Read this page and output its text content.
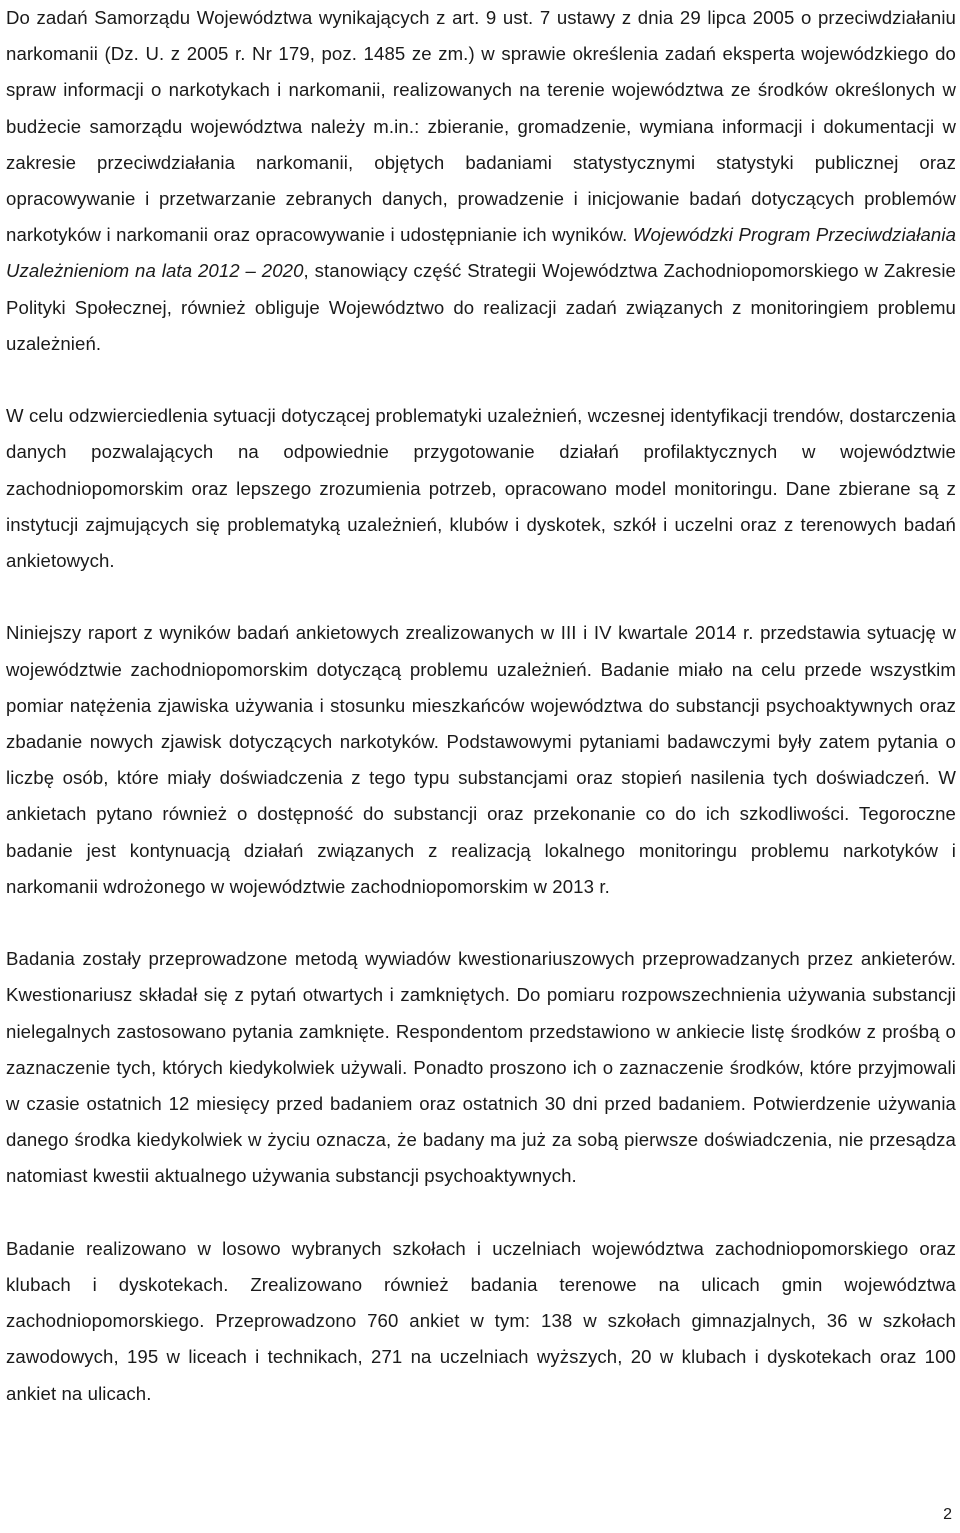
Do zadań Samorządu Województwa wynikających z art. 9 ust. 7 ustawy z dnia 29 lipca 2005 o przeciwdziałaniu narkomanii (Dz. U. z 2005 r. Nr 179, poz. 1485 ze zm.) w sprawie określenia zadań eksperta wojewódzkiego do spraw informacji o narkotykach i narkomanii, realizowanych na terenie województwa ze środków określonych w budżecie samorządu województwa należy m.in.: zbieranie, gromadzenie, wymiana informacji i dokumentacji w zakresie przeciwdziałania narkomanii, objętych badaniami statystycznymi statystyki publicznej oraz opracowywanie i przetwarzanie zebranych danych, prowadzenie i inicjowanie badań dotyczących problemów narkotyków i narkomanii oraz opracowywanie i udostępnianie ich wyników. Wojewódzki Program Przeciwdziałania Uzależnieniom na lata 2012 – 2020, stanowiący część Strategii Województwa Zachodniopomorskiego w Zakresie Polityki Społecznej, również obliguje Województwo do realizacji zadań związanych z monitoringiem problemu uzależnień.

W celu odzwierciedlenia sytuacji dotyczącej problematyki uzależnień, wczesnej identyfikacji trendów, dostarczenia danych pozwalających na odpowiednie przygotowanie działań profilaktycznych w województwie zachodniopomorskim oraz lepszego zrozumienia potrzeb, opracowano model monitoringu. Dane zbierane są z instytucji zajmujących się problematyką uzależnień, klubów i dyskotek, szkół i uczelni oraz z terenowych badań ankietowych.

Niniejszy raport z wyników badań ankietowych zrealizowanych w III i IV kwartale 2014 r. przedstawia sytuację w województwie zachodniopomorskim dotyczącą problemu uzależnień. Badanie miało na celu przede wszystkim pomiar natężenia zjawiska używania i stosunku mieszkańców województwa do substancji psychoaktywnych oraz zbadanie nowych zjawisk dotyczących narkotyków. Podstawowymi pytaniami badawczymi były zatem pytania o liczbę osób, które miały doświadczenia z tego typu substancjami oraz stopień nasilenia tych doświadczeń. W ankietach pytano również o dostępność do substancji oraz przekonanie co do ich szkodliwości. Tegoroczne badanie jest kontynuacją działań związanych z realizacją lokalnego monitoringu problemu narkotyków i narkomanii wdrożonego w województwie zachodniopomorskim w 2013 r.

Badania zostały przeprowadzone metodą wywiadów kwestionariuszowych przeprowadzanych przez ankieterów. Kwestionariusz składał się z pytań otwartych i zamkniętych. Do pomiaru rozpowszechnienia używania substancji nielegalnych zastosowano pytania zamknięte. Respondentom przedstawiono w ankiecie listę środków z prośbą o zaznaczenie tych, których kiedykolwiek używali. Ponadto proszono ich o zaznaczenie środków, które przyjmowali w czasie ostatnich 12 miesięcy przed badaniem oraz ostatnich 30 dni przed badaniem. Potwierdzenie używania danego środka kiedykolwiek w życiu oznacza, że badany ma już za sobą pierwsze doświadczenia, nie przesądza natomiast kwestii aktualnego używania substancji psychoaktywnych.

Badanie realizowano w losowo wybranych szkołach i uczelniach województwa zachodniopomorskiego oraz klubach i dyskotekach. Zrealizowano również badania terenowe na ulicach gmin województwa zachodniopomorskiego. Przeprowadzono 760 ankiet w tym: 138 w szkołach gimnazjalnych, 36 w szkołach zawodowych, 195 w liceach i technikach, 271 na uczelniach wyższych, 20 w klubach i dyskotekach oraz 100 ankiet na ulicach.

2
